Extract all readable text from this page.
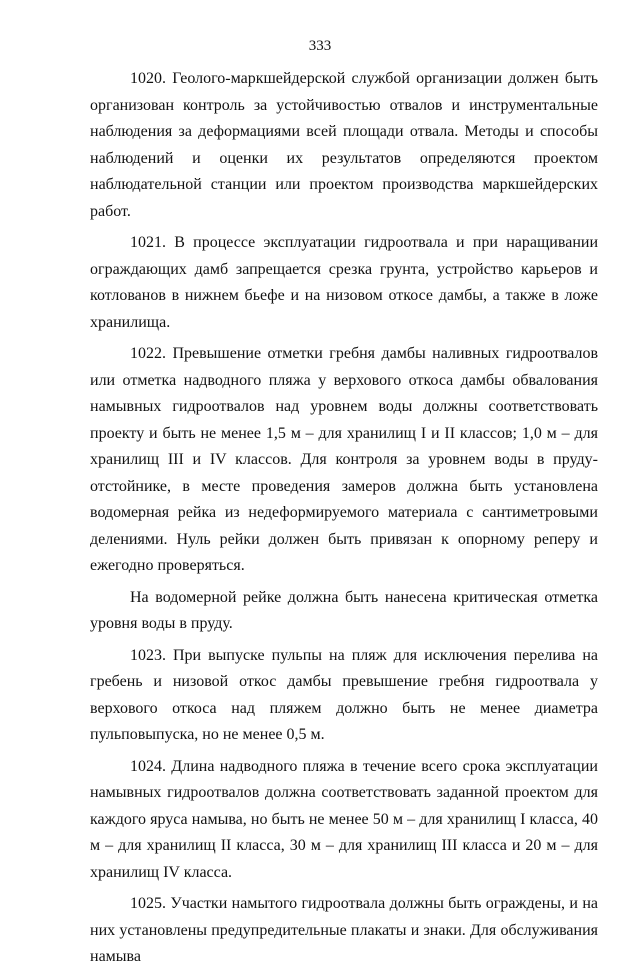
333

1020. Геолого-маркшейдерской службой организации должен быть организован контроль за устойчивостью отвалов и инструментальные наблюдения за деформациями всей площади отвала. Методы и способы наблюдений и оценки их результатов определяются проектом наблюдательной станции или проектом производства маркшейдерских работ.

1021. В процессе эксплуатации гидроотвала и при наращивании ограждающих дамб запрещается срезка грунта, устройство карьеров и котлованов в нижнем бьефе и на низовом откосе дамбы, а также в ложе хранилища.

1022. Превышение отметки гребня дамбы наливных гидроотвалов или отметка надводного пляжа у верхового откоса дамбы обвалования намывных гидроотвалов над уровнем воды должны соответствовать проекту и быть не менее 1,5 м – для хранилищ I и II классов; 1,0 м – для хранилищ III и IV классов. Для контроля за уровнем воды в пруду-отстойнике, в месте проведения замеров должна быть установлена водомерная рейка из недеформируемого материала с сантиметровыми делениями. Нуль рейки должен быть привязан к опорному реперу и ежегодно проверяться.

На водомерной рейке должна быть нанесена критическая отметка уровня воды в пруду.

1023. При выпуске пульпы на пляж для исключения перелива на гребень и низовой откос дамбы превышение гребня гидроотвала у верхового откоса над пляжем должно быть не менее диаметра пульповыпуска, но не менее 0,5 м.

1024. Длина надводного пляжа в течение всего срока эксплуатации намывных гидроотвалов должна соответствовать заданной проектом для каждого яруса намыва, но быть не менее 50 м – для хранилищ I класса, 40 м – для хранилищ II класса, 30 м – для хранилищ III класса и 20 м – для хранилищ IV класса.

1025. Участки намытого гидроотвала должны быть ограждены, и на них установлены предупредительные плакаты и знаки. Для обслуживания намыва
